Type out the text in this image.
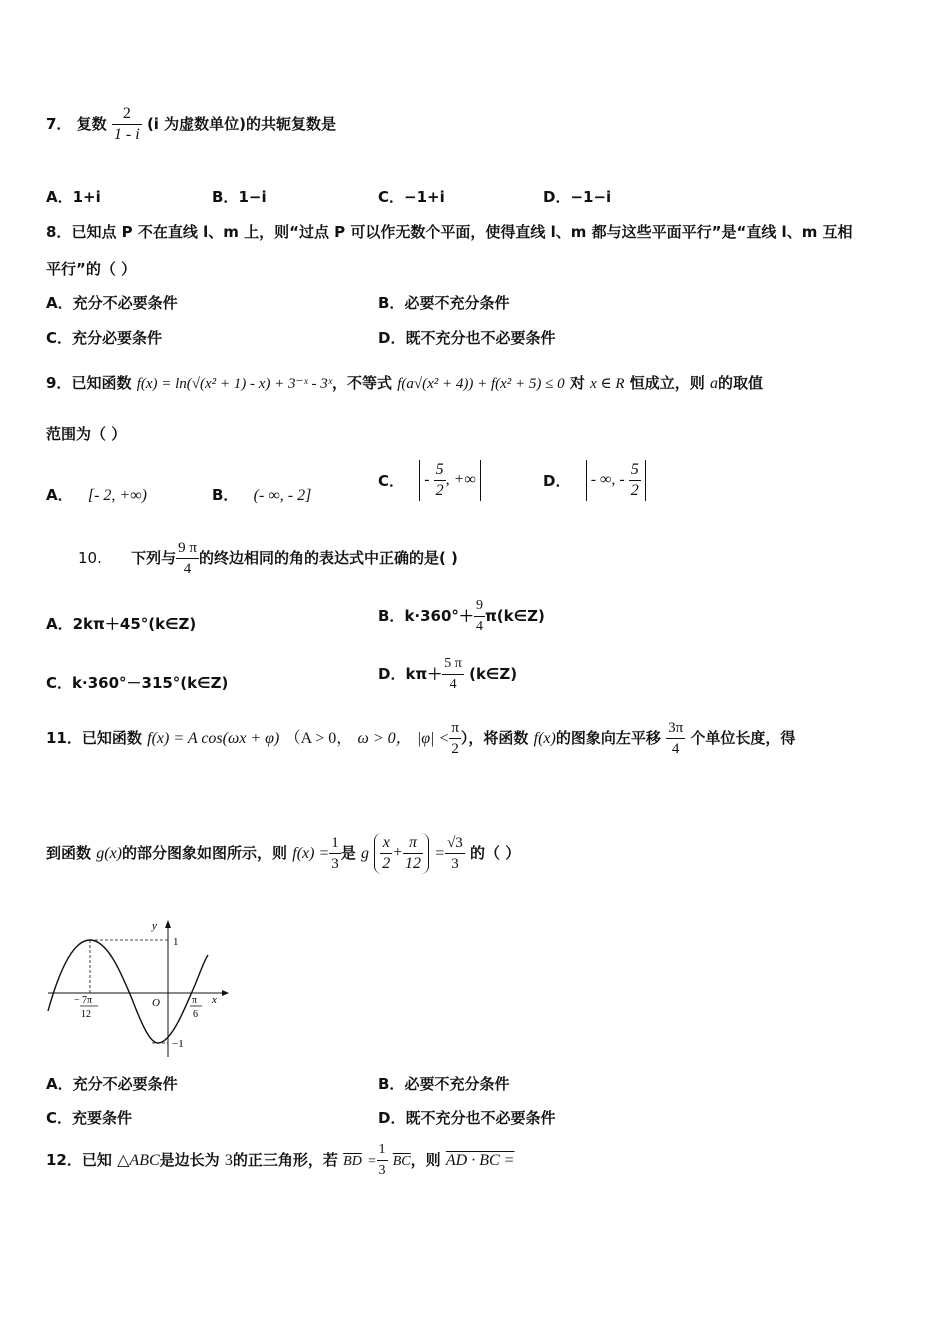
7． 复数 $\frac{2}{1 - i} (i$ 为虚数单位)的共轭复数是
A．1+i	B．1−i	C．−1+i	D．−1−i
8．已知点 P 不在直线 l、m 上，则“过点 P 可以作无数个平面，使得直线 l、m 都与这些平面平行”是“直线 l、m 互相
平行”的（ ）
A．充分不必要条件	B．必要不充分条件
C．充分必要条件	D．既不充分也不必要条件
9．已知函数 f(x) = ln(√(x² + 1) - x) + 3⁻ˣ - 3ˣ，不等式 f(a√(x² + 4)) + f(x² + 5) ≤ 0 对 x ∈ R 恒成立，则 a的取值
范围为（ ）
A． [- 2, +∞)	B． (- ∞, - 2]
C． - $\frac{5}{2}$ , +∞	D． - ∞, - $\frac{5}{2}$
10. 下列与 $\frac{9 \pi}{4}$ 的终边相同的角的表达式中正确的是( )
A．2kπ＋45°(k∈Z)	B．$k\cdot 360^\circ+ \frac{9}{4}$ π(k∈Z)
C．k·360°－315°(k∈Z)	D．$k\pi+ \frac{5 \pi}{4}$ (k∈Z)
11．已知函数 f(x) = A cos(ωx + φ) （A > 0， ω > 0， $|\varphi| < \frac{\pi}{2}$ ），将函数 f(x)的图象向左平移 $\frac{3\pi}{4}$ 个单位长度，得
到函数 g(x)的部分图象如图所示，则 $f(x) = \frac{1}{3}$ 是 g $\frac{x}{2} + \frac{\pi}{12} = \frac{√3}{3}$ 的（ ）
y
x
O
1
−1
− 7π
12
π
6
A．充分不必要条件	B．必要不充分条件
C．充要条件	D．既不充分也不必要条件
12．已知 △ABC是边长为 3的正三角形，若 $\overline{BD} = \frac{1}{3} \overline{BC}$，则 AD · BC =
